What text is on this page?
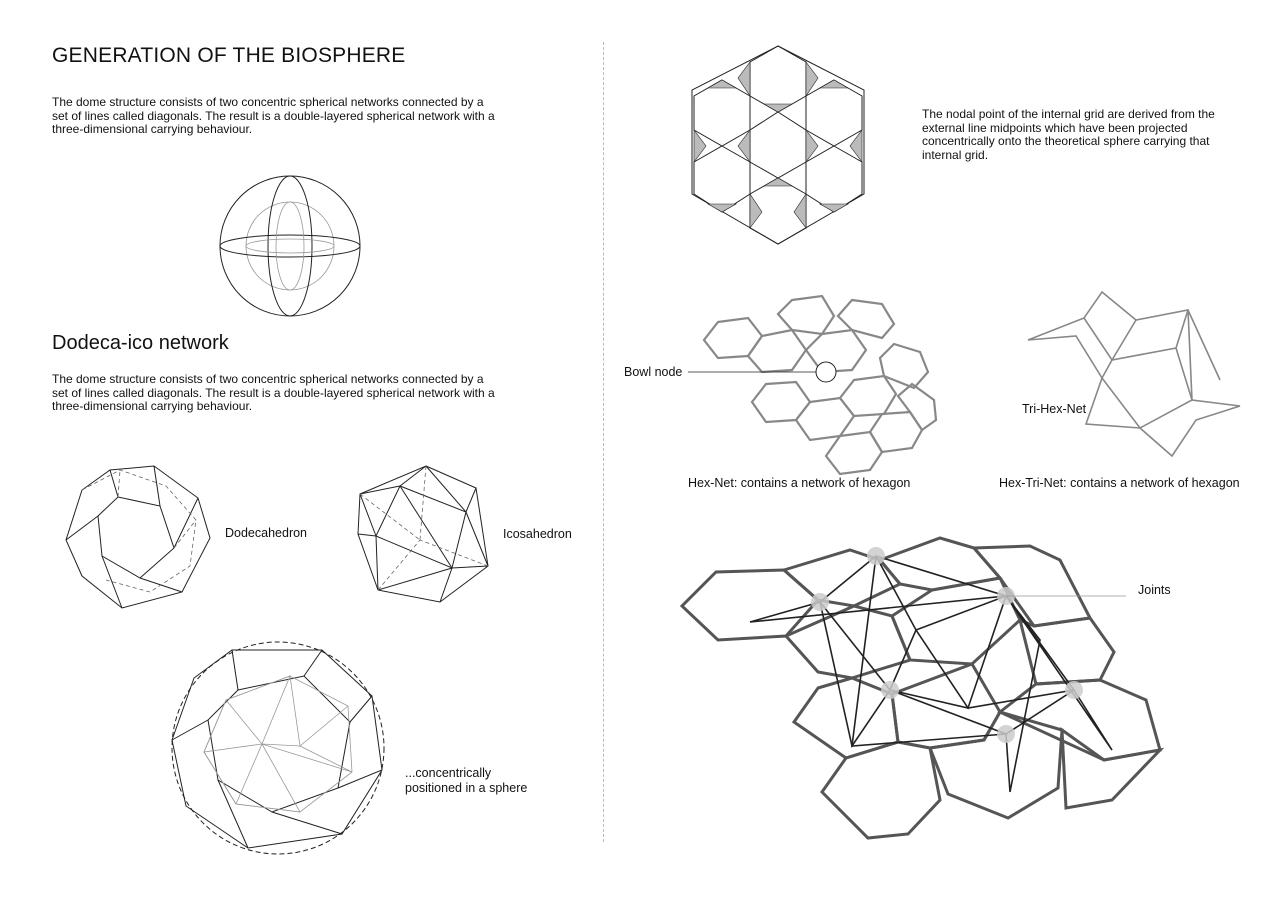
GENERATION OF THE BIOSPHERE
The dome structure consists of two concentric spherical networks connected by a set of lines called diagonals. The result is a double-layered spherical network with a three-dimensional carrying behaviour.
Dodeca-ico network
The dome structure consists of two concentric spherical networks connected by a set of lines called diagonals. The result is a double-layered spherical network with a three-dimensional carrying behaviour.
Dodecahedron	Icosahedron
...concentrically positioned in a sphere
The nodal point of the internal grid are derived from the external line midpoints which have been projected concentrically onto the theoretical sphere carrying that internal grid.
Bowl node
Hex-Net: contains a network of hexagon
Tri-Hex-Net
Hex-Tri-Net: contains a network of hexagon
Joints
